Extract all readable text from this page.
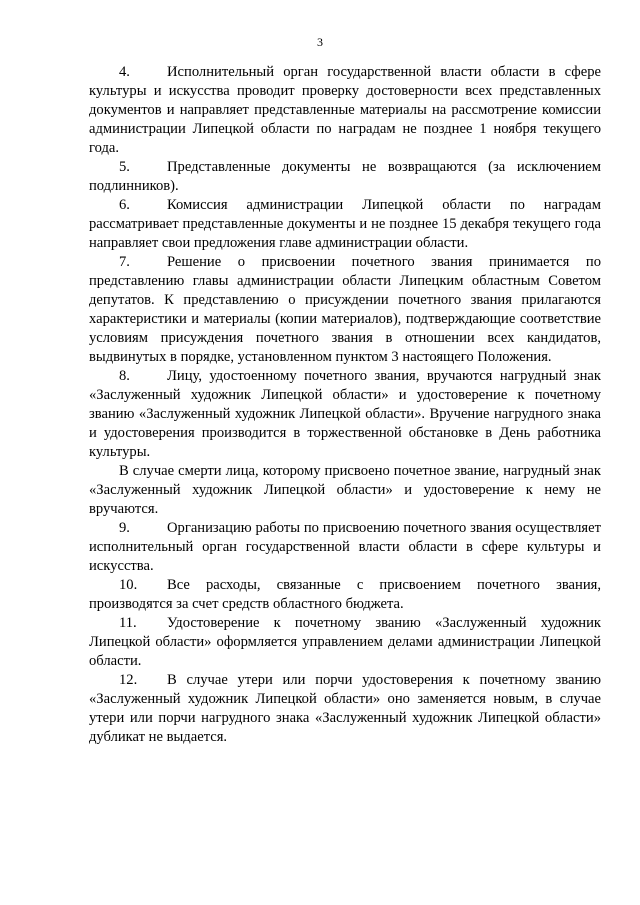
3

4.	Исполнительный орган государственной власти области в сфере культуры и искусства проводит проверку достоверности всех представленных документов и направляет представленные материалы на рассмотрение комиссии администрации Липецкой области по наградам не позднее 1 ноября текущего года.

5.	Представленные документы не возвращаются (за исключением подлинников).

6.	Комиссия администрации Липецкой области по наградам рассматривает представленные документы и не позднее 15 декабря текущего года направляет свои предложения главе администрации области.

7.	Решение о присвоении почетного звания принимается по представлению главы администрации области Липецким областным Советом депутатов. К представлению о присуждении почетного звания прилагаются характеристики и материалы (копии материалов), подтверждающие соответствие условиям присуждения почетного звания в отношении всех кандидатов, выдвинутых в порядке, установленном пунктом 3 настоящего Положения.

8.	Лицу, удостоенному почетного звания, вручаются нагрудный знак «Заслуженный художник Липецкой области» и удостоверение к почетному званию «Заслуженный художник Липецкой области». Вручение нагрудного знака и удостоверения производится в торжественной обстановке в День работника культуры.

В случае смерти лица, которому присвоено почетное звание, нагрудный знак «Заслуженный художник Липецкой области» и удостоверение к нему не вручаются.

9.	Организацию работы по присвоению почетного звания осуществляет исполнительный орган государственной власти области в сфере культуры и искусства.

10. Все расходы, связанные с присвоением почетного звания, производятся за счет средств областного бюджета.

11. Удостоверение к почетному званию «Заслуженный художник Липецкой области» оформляется управлением делами администрации Липецкой области.

12. В случае утери или порчи удостоверения к почетному званию «Заслуженный художник Липецкой области» оно заменяется новым, в случае утери или порчи нагрудного знака «Заслуженный художник Липецкой области» дубликат не выдается.
